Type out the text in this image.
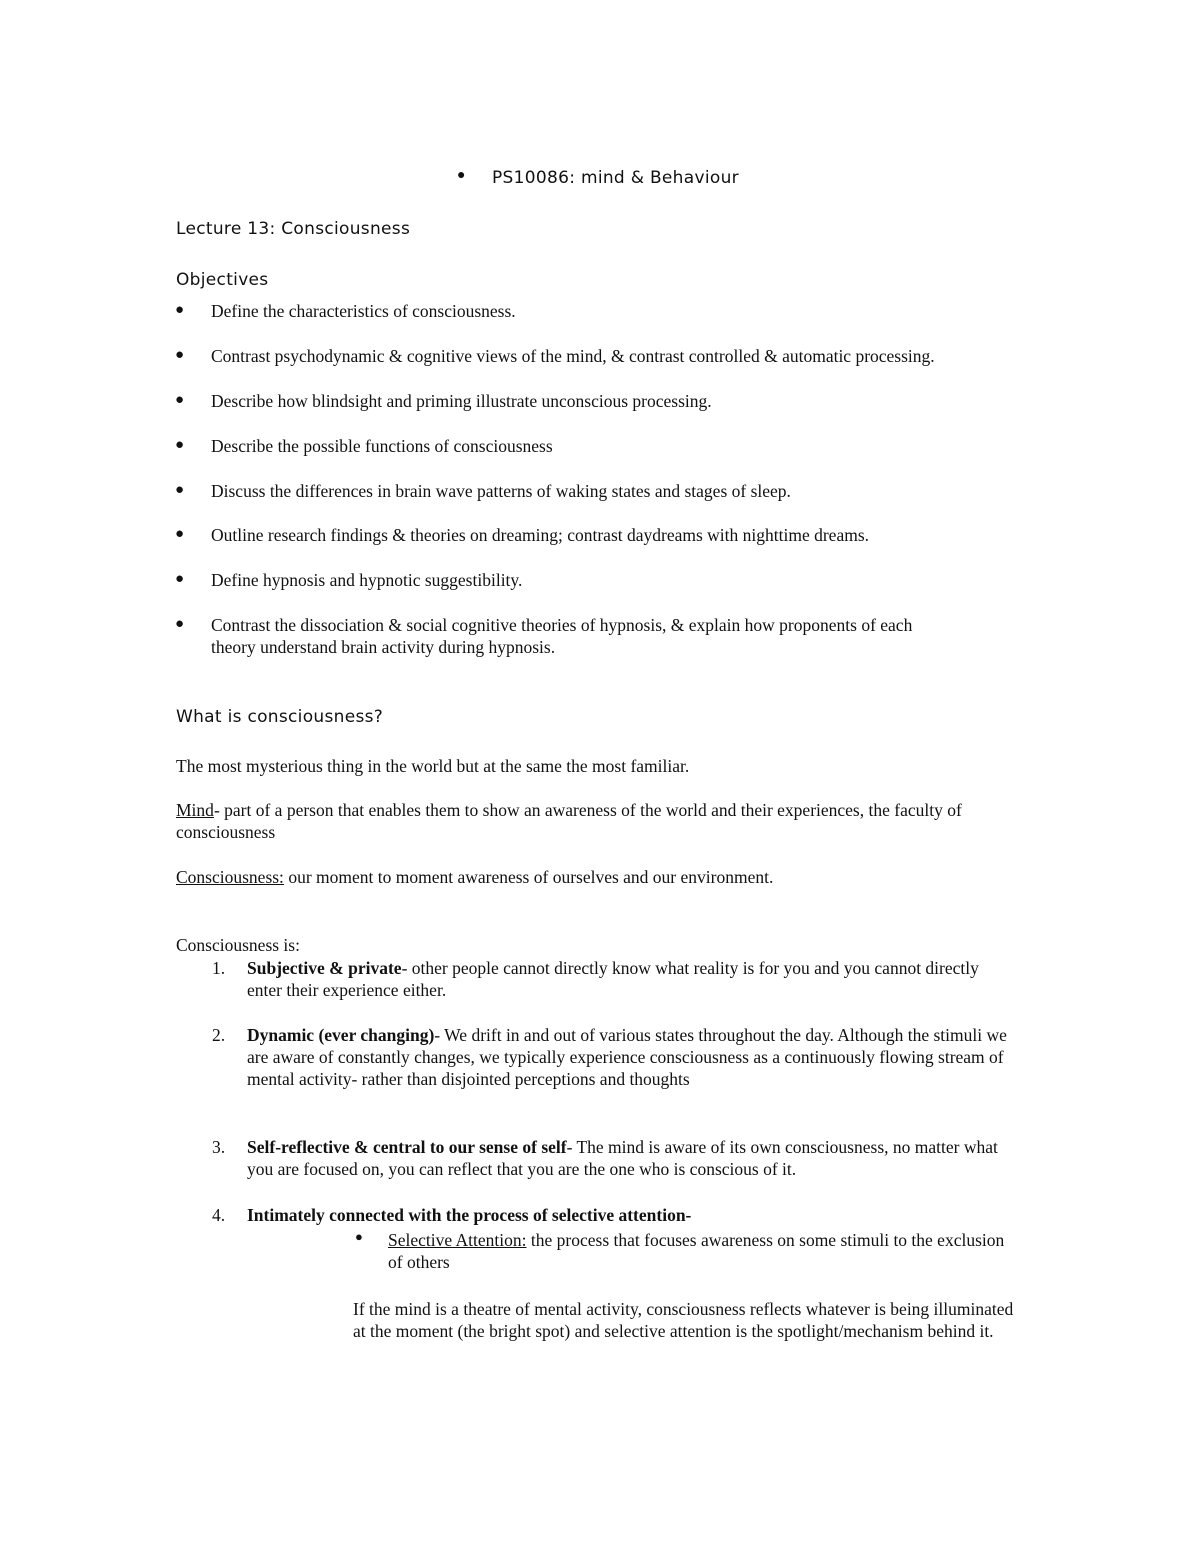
● PS10086: mind & Behaviour
Lecture 13: Consciousness
Objectives
● Define the characteristics of consciousness.
● Contrast psychodynamic & cognitive views of the mind, & contrast controlled & automatic processing.
● Describe how blindsight and priming illustrate unconscious processing.
● Describe the possible functions of consciousness
● Discuss the differences in brain wave patterns of waking states and stages of sleep.
● Outline research findings & theories on dreaming; contrast daydreams with nighttime dreams.
● Define hypnosis and hypnotic suggestibility.
● Contrast the dissociation & social cognitive theories of hypnosis, & explain how proponents of each theory understand brain activity during hypnosis.
What is consciousness?
The most mysterious thing in the world but at the same the most familiar.
Mind- part of a person that enables them to show an awareness of the world and their experiences, the faculty of consciousness
Consciousness: our moment to moment awareness of ourselves and our environment.
Consciousness is:
1. Subjective & private- other people cannot directly know what reality is for you and you cannot directly enter their experience either.
2. Dynamic (ever changing)- We drift in and out of various states throughout the day. Although the stimuli we are aware of constantly changes, we typically experience consciousness as a continuously flowing stream of mental activity- rather than disjointed perceptions and thoughts
3. Self-reflective & central to our sense of self- The mind is aware of its own consciousness, no matter what you are focused on, you can reflect that you are the one who is conscious of it.
4. Intimately connected with the process of selective attention-
● Selective Attention: the process that focuses awareness on some stimuli to the exclusion of others
If the mind is a theatre of mental activity, consciousness reflects whatever is being illuminated at the moment (the bright spot) and selective attention is the spotlight/mechanism behind it.
